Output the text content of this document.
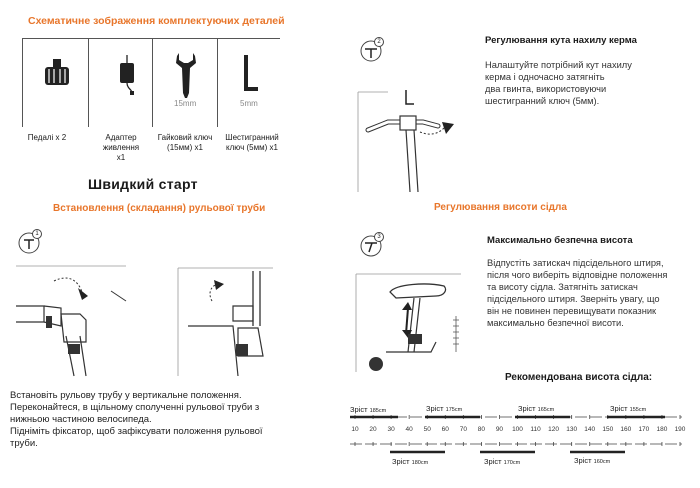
Схематичне зображення комплектуючих деталей
15mm	5mm
Педалі x 2	Адаптер
живлення
x1
Гайковий ключ
(15мм) x1
Шестигранний
ключ (5мм) x1
Швидкий старт
Встановлення (складання) рульової труби
1
Встановіть рульову трубу у вертикальне положення.
Переконайтеся, в щільному сполученні рульової труби з
нижньою частиною велосипеда.
Підніміть фіксатор, щоб зафіксувати положення рульової
труби.
2	Регулювання кута нахилу керма
Налаштуйте потрібний кут нахилу
керма і одночасно затягніть
два гвинта, використовуючи
шестигранний ключ (5мм).
Регулювання висоти сідла
3	Максимально безпечна висота
Відпустіть затискач підсідельного штиря,
після чого виберіть відповідне положення
та висоту сідла. Затягніть затискач
підсідельного штиря. Зверніть увагу, що
він не повинен перевищувати показник
максимально безпечної висоти.
Рекомендована висота сідла:
10 20 30 40 50 60 70 80 90 100 110 120 130 140 150 160 170 180 190
Зріст 185cm	Зріст 175cm	Зріст 165cm	Зріст 155cm
Зріст 180cm	Зріст 170cm	Зріст 160cm
